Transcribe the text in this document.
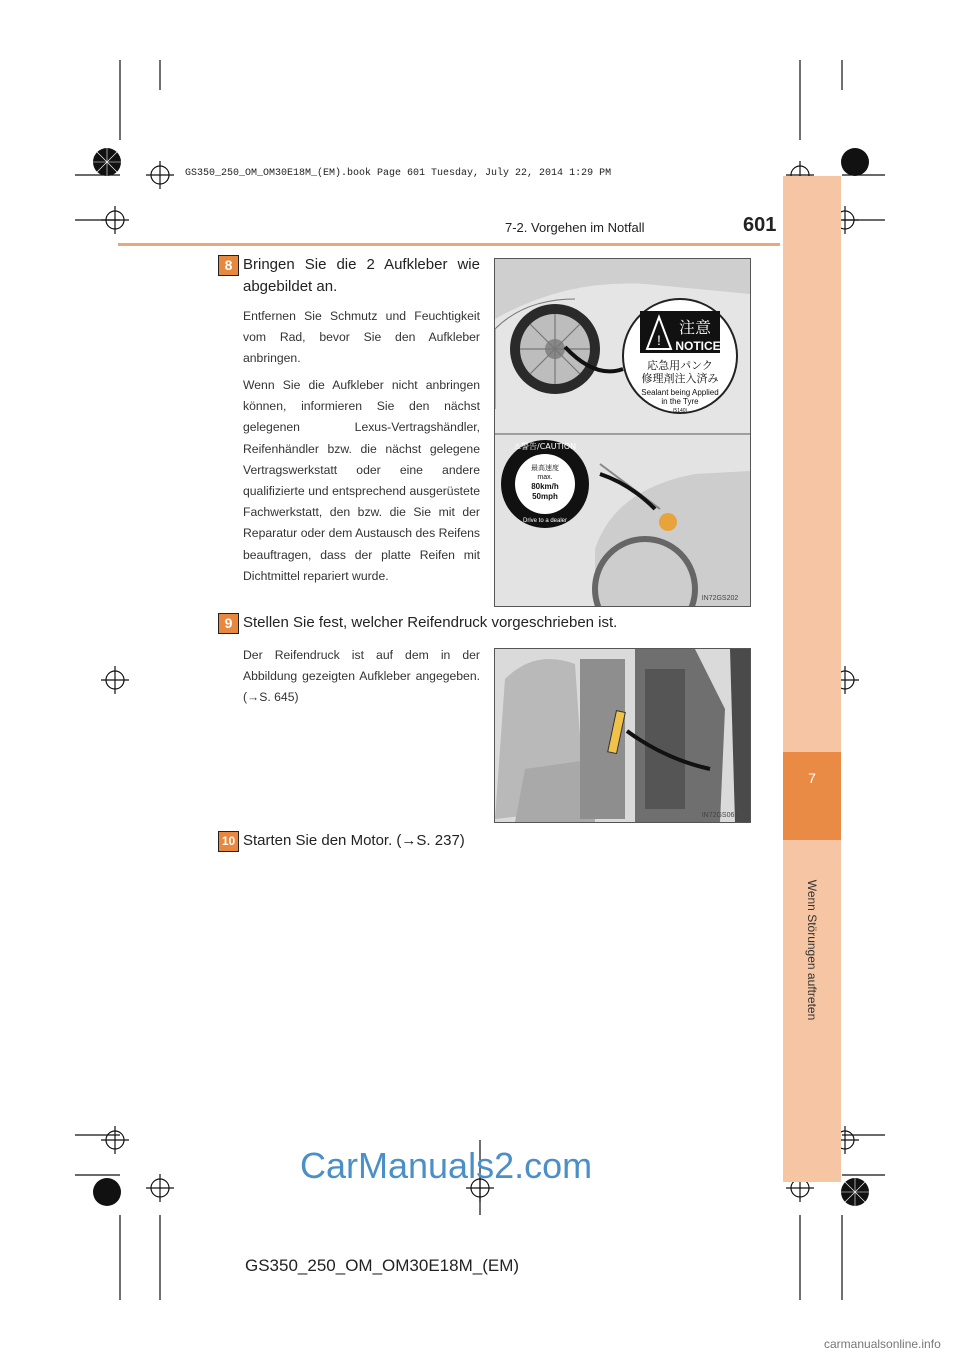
GS350_250_OM_OM30E18M_(EM).book Page 601 Tuesday, July 22, 2014 1:29 PM
7
Wenn Störungen auftreten
7-2. Vorgehen im Notfall	601
8 Bringen Sie die 2 Aufkleber wie abgebildet an.
Entfernen Sie Schmutz und Feuchtigkeit vom Rad, bevor Sie den Aufkleber anbringen.
Wenn Sie die Aufkleber nicht anbringen können, informieren Sie den nächst gelegenen Lexus-Vertragshändler, Reifenhändler bzw. die nächst gelegene Vertragswerkstatt oder eine andere qualifizierte und entsprechend ausgerüstete Fachwerkstatt, den bzw. die Sie mit der Reparatur oder dem Austausch des Reifens beauftragen, dass der platte Reifen mit Dichtmittel repariert wurde.
!
注意
NOTICE
応急用パンク
修理剤注入済み
Sealant being Applied
in the Tyre
(5140)
⚠警告/CAUTION
最高速度
max.
80km/h
50mph
Drive to a dealer
IN72GS202
9 Stellen Sie fest, welcher Reifendruck vorgeschrieben ist.
Der Reifendruck ist auf dem in der Abbildung gezeigten Aufkleber angegeben. (→S. 645)
IN72GS061
10 Starten Sie den Motor. (→S. 237)
CarManuals2.com
GS350_250_OM_OM30E18M_(EM)
carmanualsonline.info
